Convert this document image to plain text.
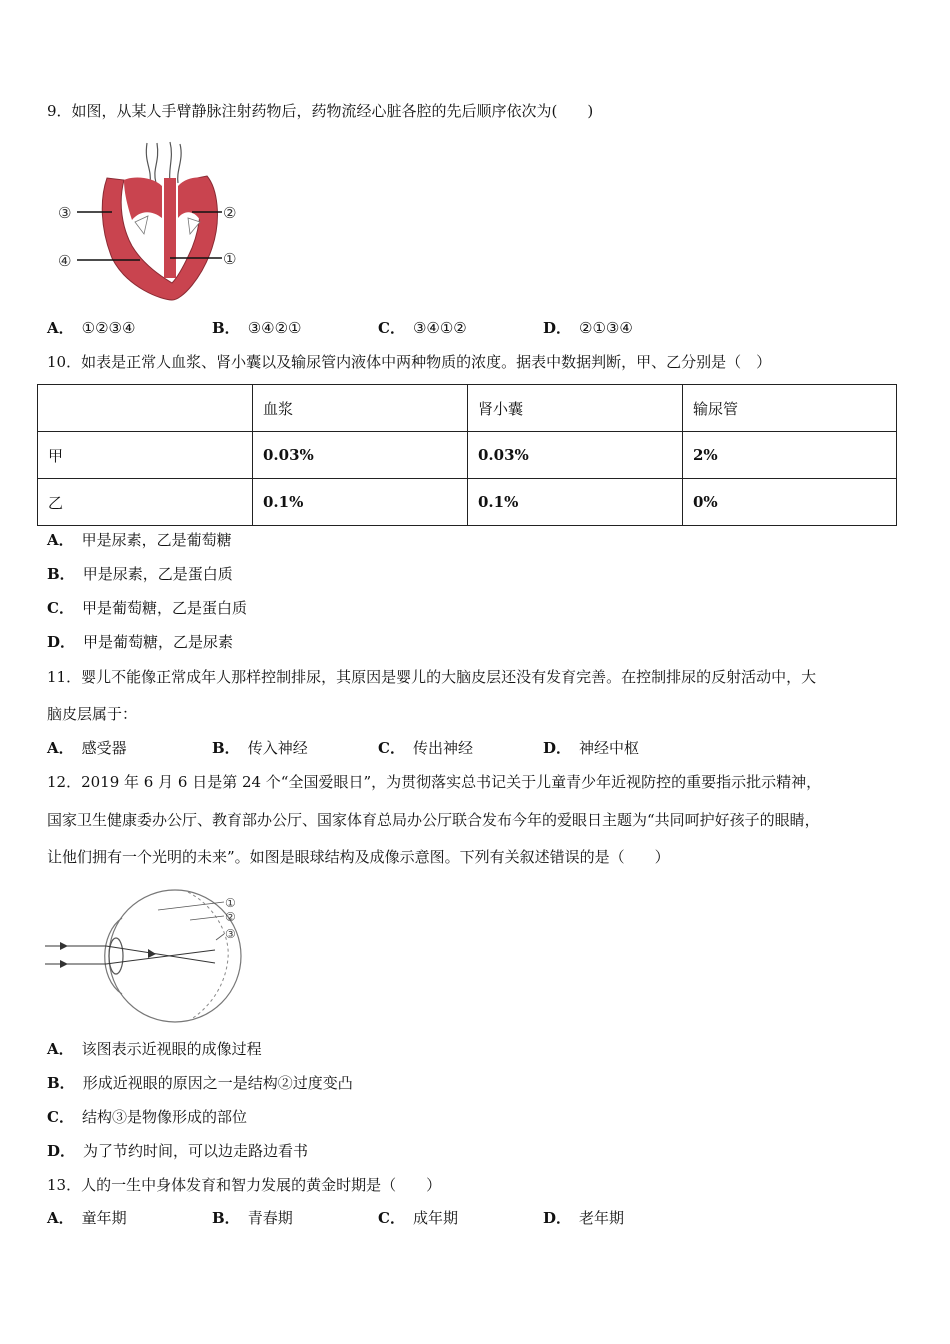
9．如图，从某人手臂静脉注射药物后，药物流经心脏各腔的先后顺序依次为(　　)
③	②
④	①
A． ①②③④	B． ③④②①	C． ③④①②	D． ②①③④
10．如表是正常人血浆、肾小囊以及输尿管内液体中两种物质的浓度。据表中数据判断，甲、乙分别是（　）
	血浆	肾小囊	输尿管
甲	0.03%	0.03%	2%
乙	0.1%	0.1%	0%
A． 甲是尿素，乙是葡萄糖
B． 甲是尿素，乙是蛋白质
C． 甲是葡萄糖，乙是蛋白质
D． 甲是葡萄糖，乙是尿素
11．婴儿不能像正常成年人那样控制排尿，其原因是婴儿的大脑皮层还没有发育完善。在控制排尿的反射活动中，大
脑皮层属于：
A． 感受器	B． 传入神经	C． 传出神经	D． 神经中枢
12．2019 年 6 月 6 日是第 24 个“全国爱眼日”，为贯彻落实总书记关于儿童青少年近视防控的重要指示批示精神，
国家卫生健康委办公厅、教育部办公厅、国家体育总局办公厅联合发布今年的爱眼日主题为“共同呵护好孩子的眼睛，
让他们拥有一个光明的未来”。如图是眼球结构及成像示意图。下列有关叙述错误的是（　　）
①
②
③
A． 该图表示近视眼的成像过程
B． 形成近视眼的原因之一是结构②过度变凸
C． 结构③是物像形成的部位
D． 为了节约时间，可以边走路边看书
13．人的一生中身体发育和智力发展的黄金时期是（　　）
A． 童年期	B． 青春期	C． 成年期	D． 老年期
